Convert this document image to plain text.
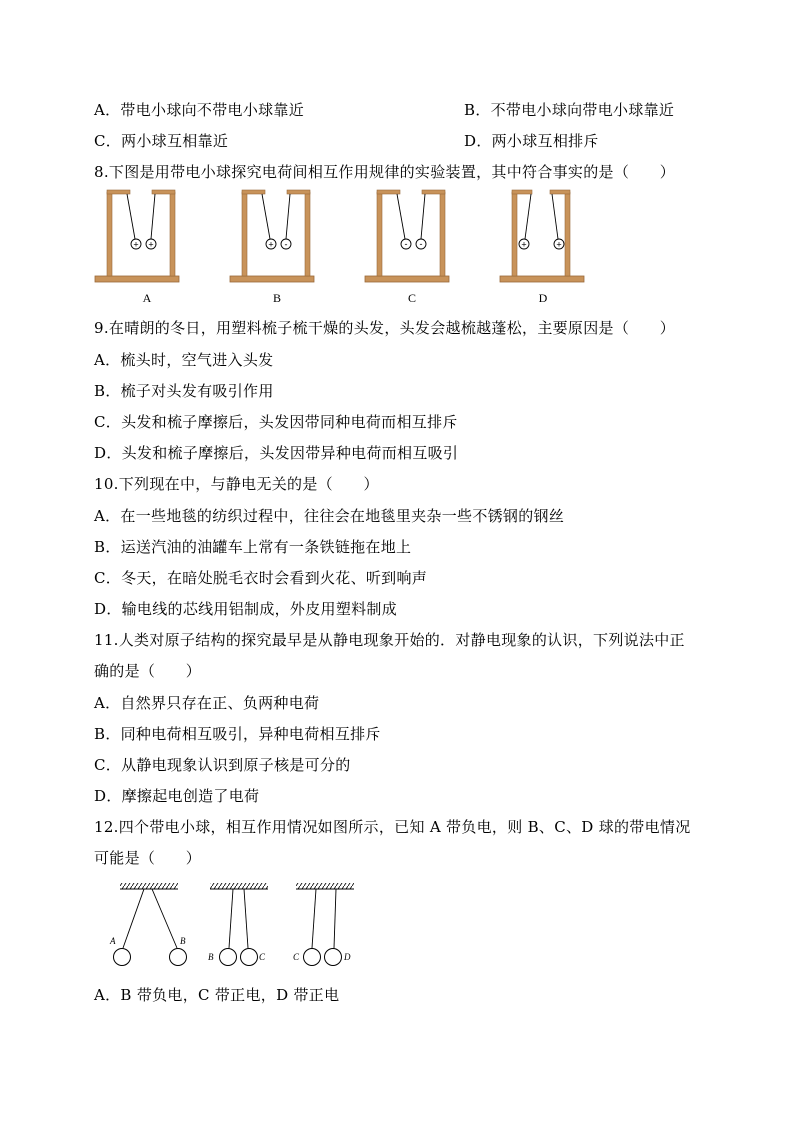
A．带电小球向不带电小球靠近	B．不带电小球向带电小球靠近
C．两小球互相靠近	D．两小球互相排斥
8.下图是用带电小球探究电荷间相互作用规律的实验装置，其中符合事实的是（　　）
+ +
A
+ -
B
- -
C
+	+
D
9.在晴朗的冬日，用塑料梳子梳干燥的头发，头发会越梳越蓬松，主要原因是（　　）
A．梳头时，空气进入头发
B．梳子对头发有吸引作用
C．头发和梳子摩擦后，头发因带同种电荷而相互排斥
D．头发和梳子摩擦后，头发因带异种电荷而相互吸引
10.下列现在中，与静电无关的是（　　）
A．在一些地毯的纺织过程中，往往会在地毯里夹杂一些不锈钢的钢丝
B．运送汽油的油罐车上常有一条铁链拖在地上
C．冬天，在暗处脱毛衣时会看到火花、听到响声
D．输电线的芯线用铝制成，外皮用塑料制成
11.人类对原子结构的探究最早是从静电现象开始的．对静电现象的认识，下列说法中正
确的是（　　）
A．自然界只存在正、负两种电荷
B．同种电荷相互吸引，异种电荷相互排斥
C．从静电现象认识到原子核是可分的
D．摩擦起电创造了电荷
12.四个带电小球，相互作用情况如图所示，已知 A 带负电，则 B、C、D 球的带电情况
可能是（　　）
A	B
B	C	C	D
A．B 带负电，C 带正电，D 带正电
